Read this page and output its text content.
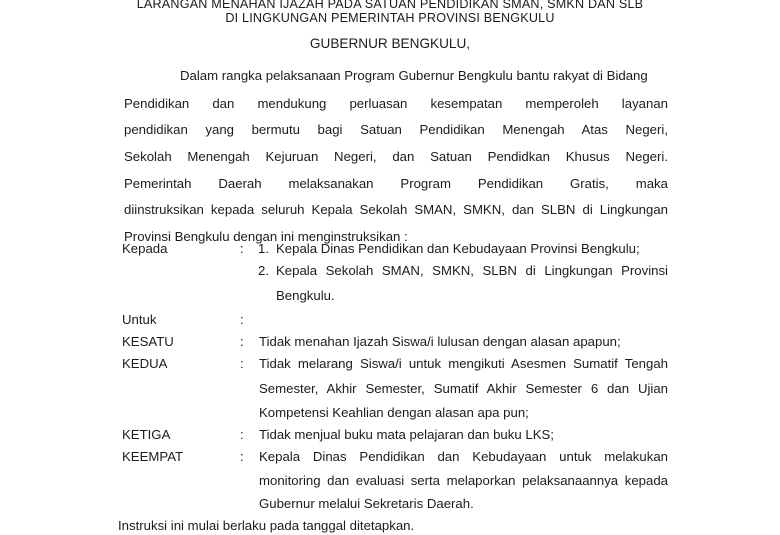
LARANGAN MENAHAN IJAZAH PADA SATUAN PENDIDIKAN SMAN, SMKN DAN SLB
DI LINGKUNGAN PEMERINTAH PROVINSI BENGKULU
GUBERNUR BENGKULU,
Dalam rangka pelaksanaan Program Gubernur Bengkulu bantu rakyat di Bidang
Pendidikan dan mendukung perluasan kesempatan memperoleh layanan
pendidikan yang bermutu bagi Satuan Pendidikan Menengah Atas Negeri,
Sekolah Menengah Kejuruan Negeri, dan Satuan Pendidkan Khusus Negeri.
Pemerintah Daerah melaksanakan Program Pendidikan Gratis, maka
diinstruksikan kepada seluruh Kepala Sekolah SMAN, SMKN, dan SLBN di Lingkungan
Provinsi Bengkulu dengan ini menginstruksikan :
Kepada	: 1. Kepala Dinas Pendidikan dan Kebudayaan Provinsi Bengkulu;
2. Kepala Sekolah SMAN, SMKN, SLBN di Lingkungan Provinsi
Bengkulu.
Untuk	:
KESATU	: Tidak menahan Ijazah Siswa/i lulusan dengan alasan apapun;
KEDUA	: Tidak melarang Siswa/i untuk mengikuti Asesmen Sumatif Tengah
Semester, Akhir Semester, Sumatif Akhir Semester 6 dan Ujian
Kompetensi Keahlian dengan alasan apa pun;
KETIGA	: Tidak menjual buku mata pelajaran dan buku LKS;
KEEMPAT	: Kepala Dinas Pendidikan dan Kebudayaan untuk melakukan
monitoring dan evaluasi serta melaporkan pelaksanaannya kepada
Gubernur melalui Sekretaris Daerah.
Instruksi ini mulai berlaku pada tanggal ditetapkan.
